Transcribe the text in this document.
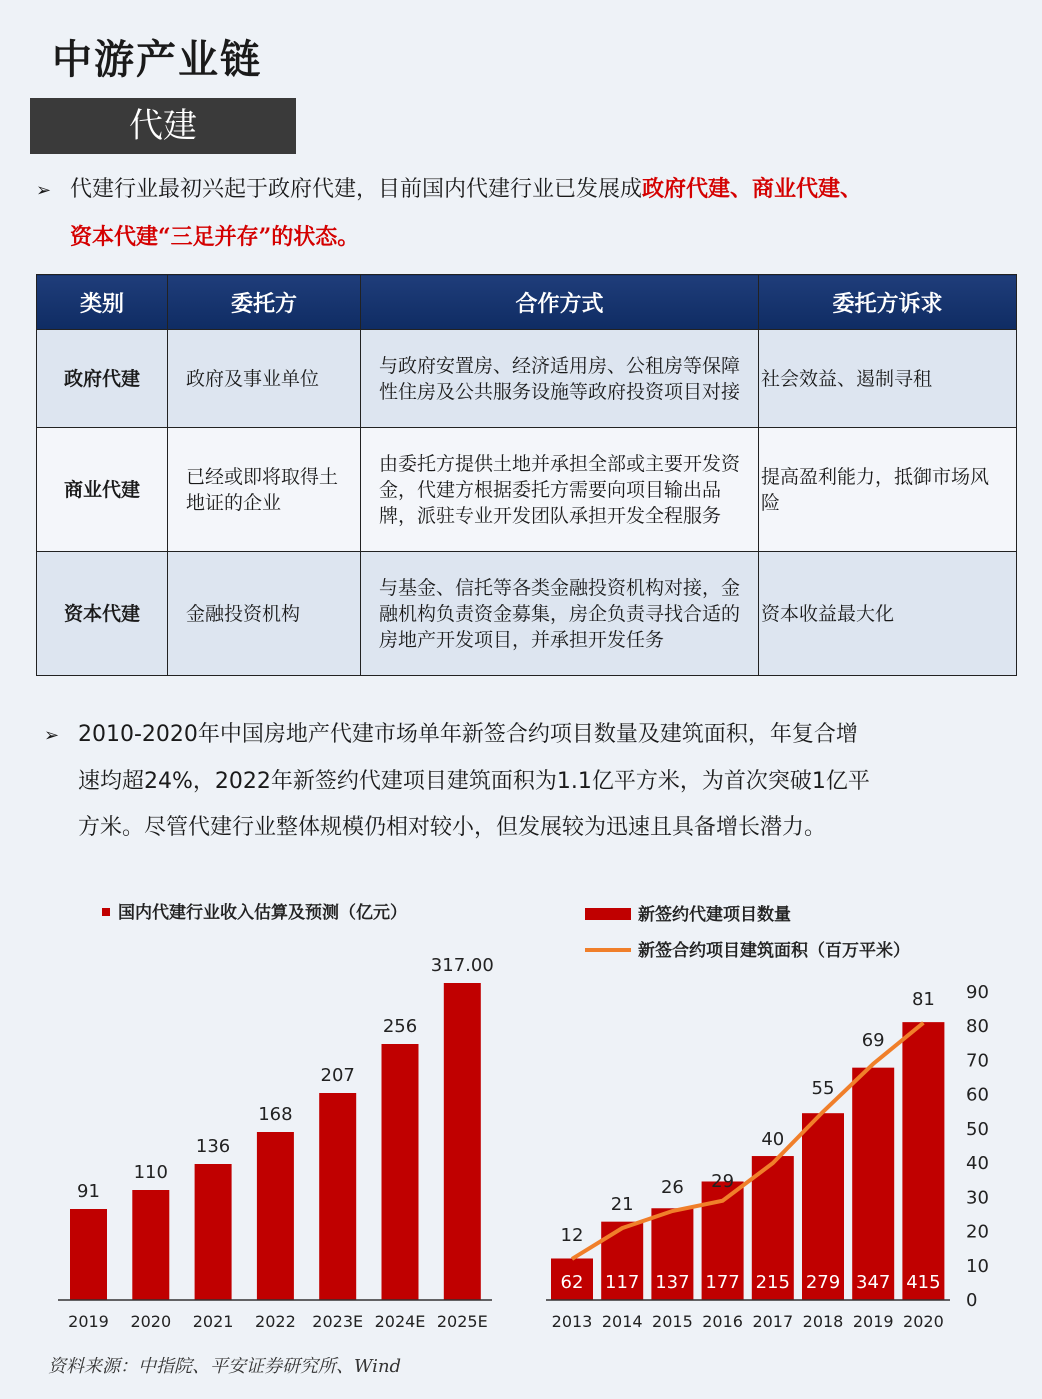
中游产业链
代建
➢ 代建行业最初兴起于政府代建，目前国内代建行业已发展成政府代建、商业代建、
资本代建“三足并存”的状态。
类别	委托方	合作方式	委托方诉求
政府代建	政府及事业单位	与政府安置房、经济适用房、公租房等保障性住房及公共服务设施等政府投资项目对接	社会效益、遏制寻租
商业代建	已经或即将取得土地证的企业	由委托方提供土地并承担全部或主要开发资金，代建方根据委托方需要向项目输出品牌，派驻专业开发团队承担开发全程服务	提高盈利能力，抵御市场风险
资本代建	金融投资机构	与基金、信托等各类金融投资机构对接，金融机构负责资金募集，房企负责寻找合适的房地产开发项目，并承担开发任务	资本收益最大化
➢ 2010-2020年中国房地产代建市场单年新签合约项目数量及建筑面积，年复合增
速均超24%，2022年新签约代建项目建筑面积为1.1亿平方米，为首次突破1亿平
方米。尽管代建行业整体规模仍相对较小，但发展较为迅速且具备增长潜力。
国内代建行业收入估算及预测（亿元）
91
2019
110
2020
136
2021
168
2022
207
2023E
256
2024E
317.00
2025E
新签约代建项目数量
新签合约项目建筑面积（百万平米）
62
2013
117
2014
137
2015
177
2016
215
2017
279
2018
347
2019
415
2020
12
21
26 29
40
55
69
81
0
10
20
30
40
50
60
70
80
90
资料来源：中指院、平安证券研究所、Wind
